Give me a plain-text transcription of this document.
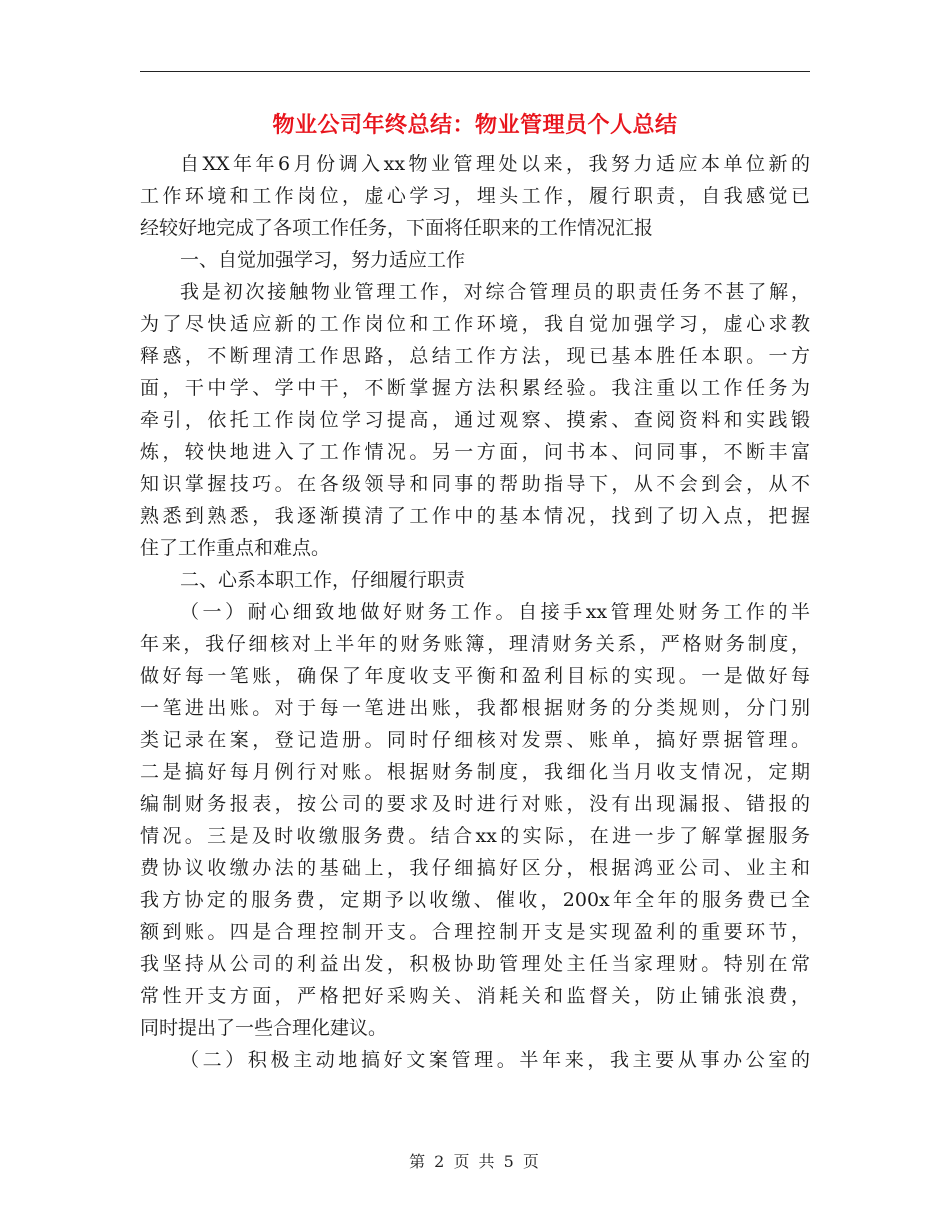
物业公司年终总结：物业管理员个人总结
自XX年年6月份调入xx物业管理处以来，我努力适应本单位新的
工作环境和工作岗位，虚心学习，埋头工作，履行职责，自我感觉已
经较好地完成了各项工作任务，下面将任职来的工作情况汇报
一、自觉加强学习，努力适应工作
我是初次接触物业管理工作，对综合管理员的职责任务不甚了解，
为了尽快适应新的工作岗位和工作环境，我自觉加强学习，虚心求教
释惑，不断理清工作思路，总结工作方法，现已基本胜任本职。一方
面，干中学、学中干，不断掌握方法积累经验。我注重以工作任务为
牵引，依托工作岗位学习提高，通过观察、摸索、查阅资料和实践锻
炼，较快地进入了工作情况。另一方面，问书本、问同事，不断丰富
知识掌握技巧。在各级领导和同事的帮助指导下，从不会到会，从不
熟悉到熟悉，我逐渐摸清了工作中的基本情况，找到了切入点，把握
住了工作重点和难点。
二、心系本职工作，仔细履行职责
（一）耐心细致地做好财务工作。自接手xx管理处财务工作的半
年来，我仔细核对上半年的财务账簿，理清财务关系，严格财务制度，
做好每一笔账，确保了年度收支平衡和盈利目标的实现。一是做好每
一笔进出账。对于每一笔进出账，我都根据财务的分类规则，分门别
类记录在案，登记造册。同时仔细核对发票、账单，搞好票据管理。
二是搞好每月例行对账。根据财务制度，我细化当月收支情况，定期
编制财务报表，按公司的要求及时进行对账，没有出现漏报、错报的
情况。三是及时收缴服务费。结合xx的实际，在进一步了解掌握服务
费协议收缴办法的基础上，我仔细搞好区分，根据鸿亚公司、业主和
我方协定的服务费，定期予以收缴、催收，200x年全年的服务费已全
额到账。四是合理控制开支。合理控制开支是实现盈利的重要环节，
我坚持从公司的利益出发，积极协助管理处主任当家理财。特别在常
常性开支方面，严格把好采购关、消耗关和监督关，防止铺张浪费，
同时提出了一些合理化建议。
（二）积极主动地搞好文案管理。半年来，我主要从事办公室的
第 2 页 共 5 页
